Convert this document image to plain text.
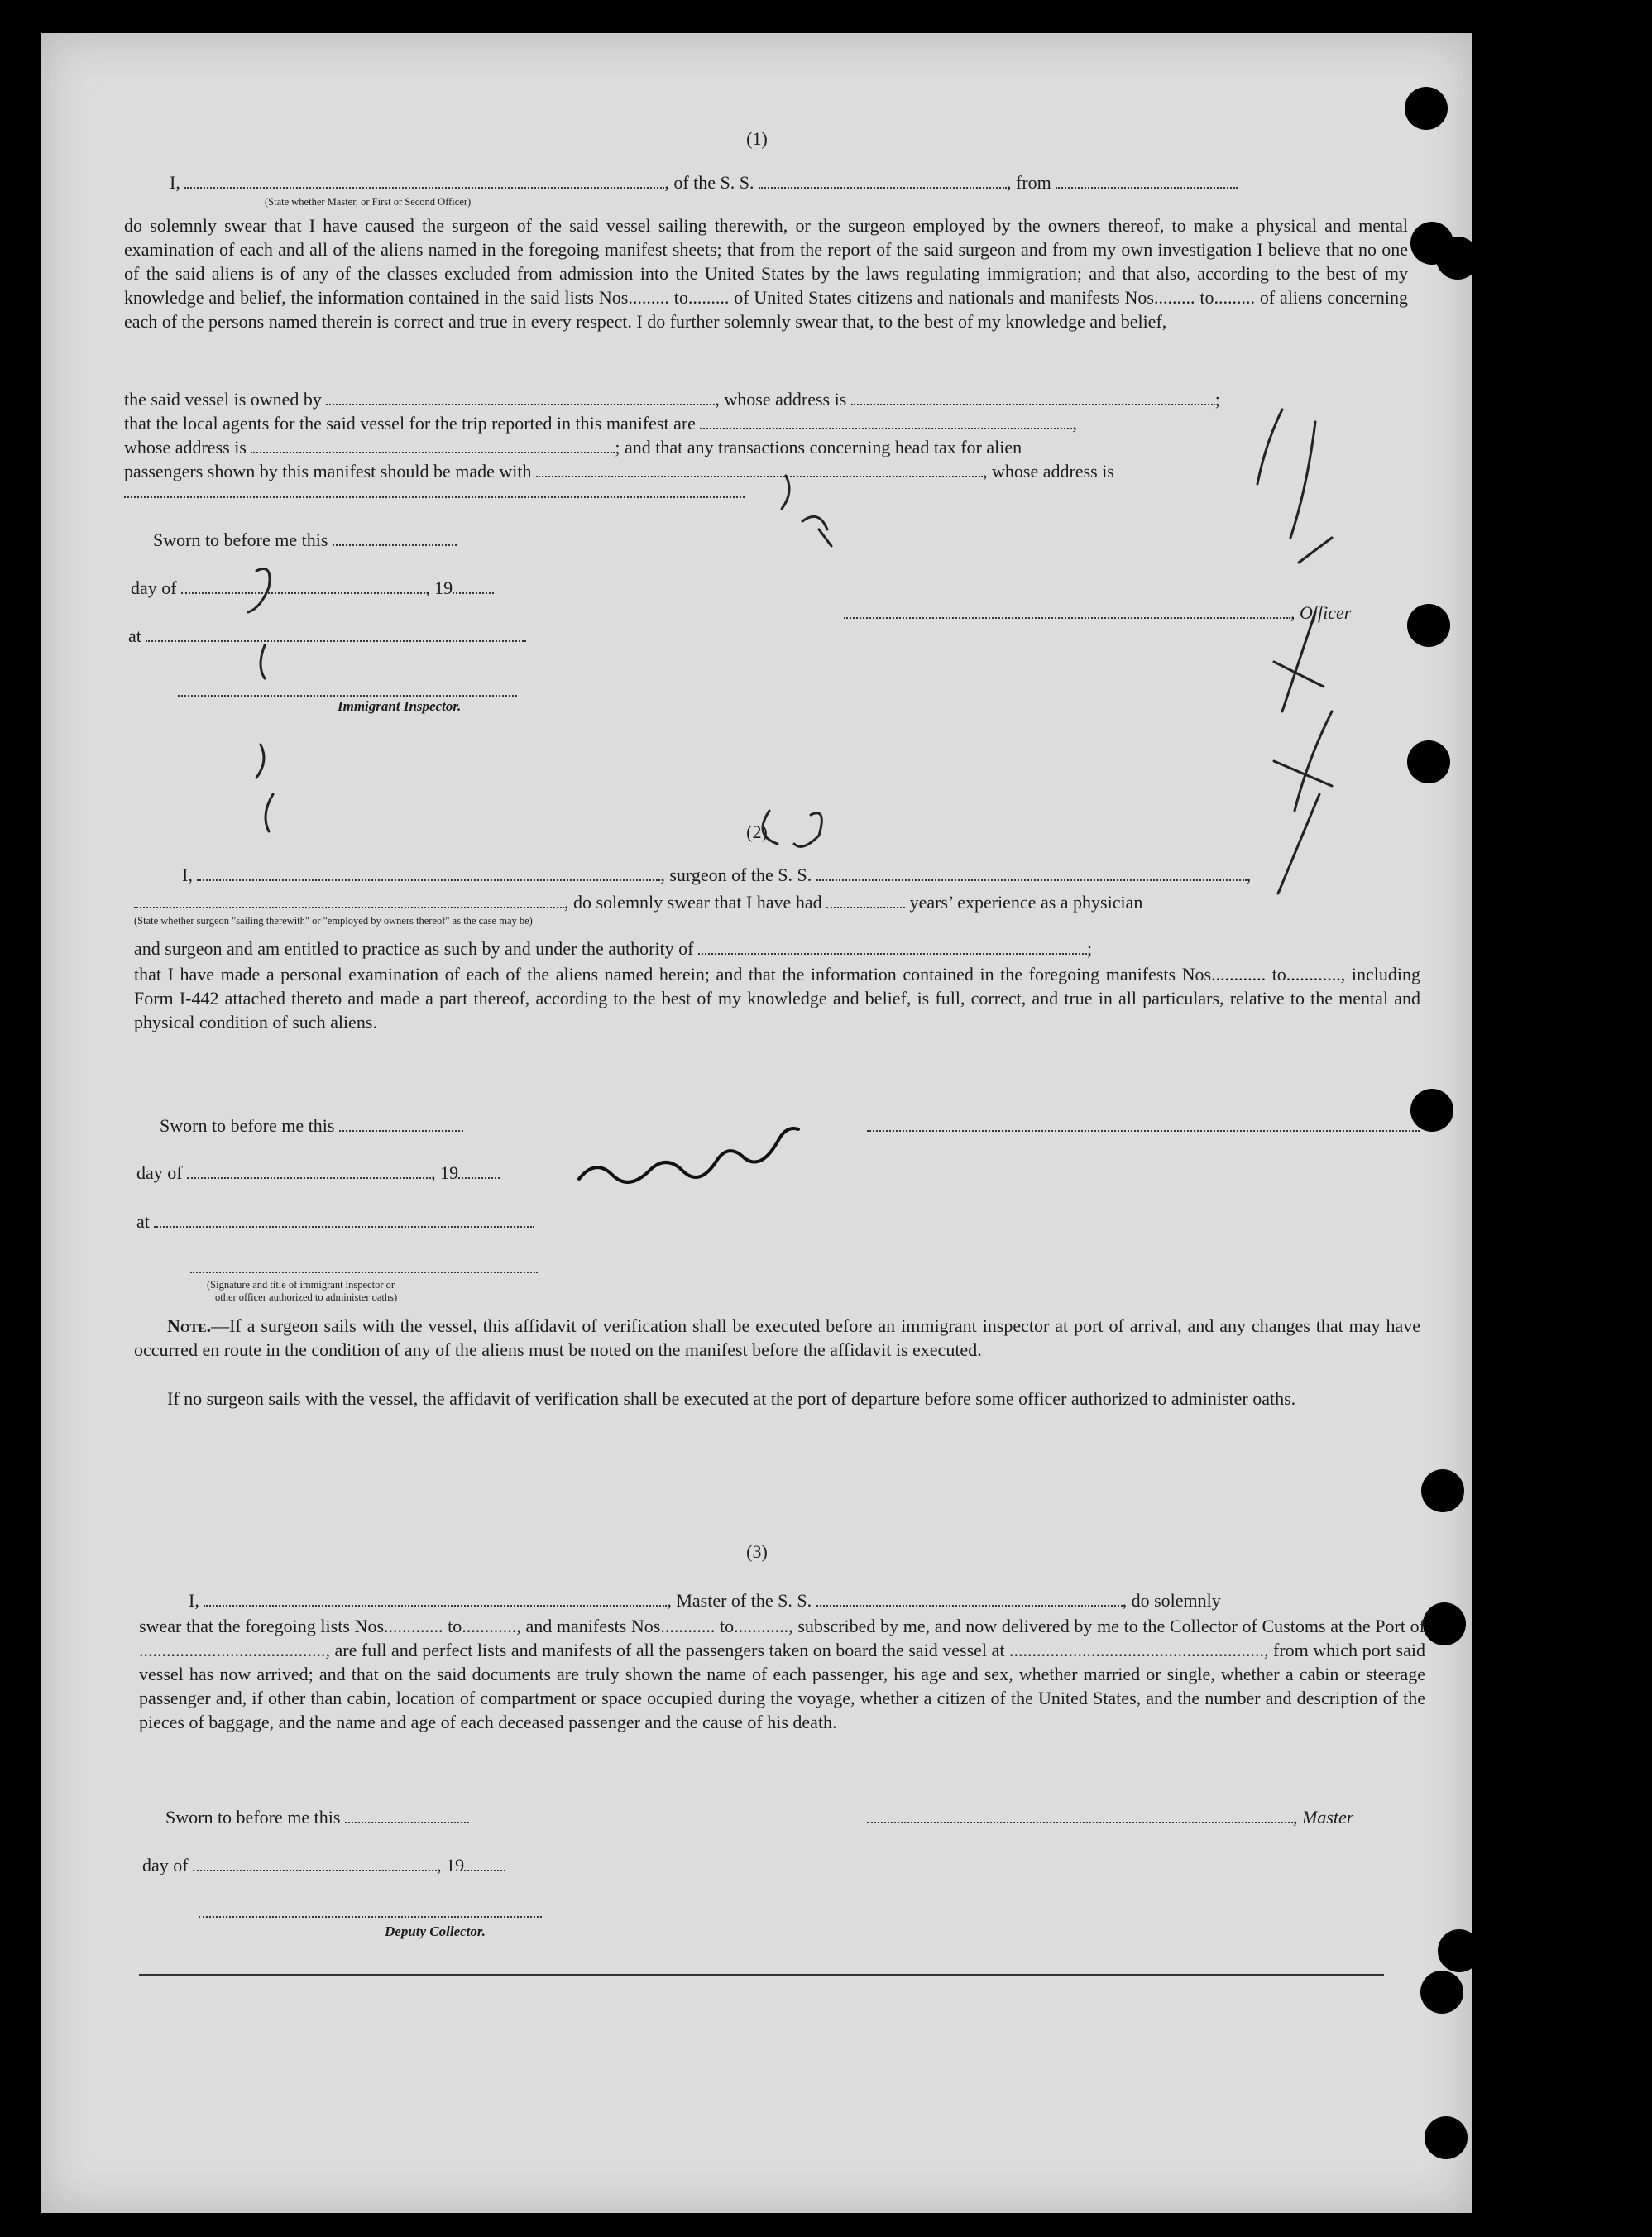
(1)
I,	, of the S. S.	, from
(State whether Master, or First or Second Officer)
do solemnly swear that I have caused the surgeon of the said vessel sailing therewith, or the surgeon employed by the owners thereof, to make a physical and mental examination of each and all of the aliens named in the foregoing manifest sheets; that from the report of the said surgeon and from my own investigation I believe that no one of the said aliens is of any of the classes excluded from admission into the United States by the laws regulating immigration; and that also, according to the best of my knowledge and belief, the information contained in the said lists Nos......... to......... of United States citizens and nationals and manifests Nos......... to......... of aliens concerning each of the persons named therein is correct and true in every respect. I do further solemnly swear that, to the best of my knowledge and belief,
the said vessel is owned by	, whose address is	;
that the local agents for the said vessel for the trip reported in this manifest are	,
whose address is	; and that any transactions concerning head tax for alien
passengers shown by this manifest should be made with	, whose address is
Sworn to before me this
day of	, 19
at
, Officer
Immigrant Inspector.
(2)
I,	, surgeon of the S. S.	,
, do solemnly swear that I have had	years’ experience as a physician
(State whether surgeon "sailing therewith" or "employed by owners thereof" as the case may be)
and surgeon and am entitled to practice as such by and under the authority of	;
that I have made a personal examination of each of the aliens named herein; and that the information contained in the foregoing manifests Nos............ to............, including Form I-442 attached thereto and made a part thereof, according to the best of my knowledge and belief, is full, correct, and true in all particulars, relative to the mental and physical condition of such aliens.
Sworn to before me this
day of	, 19
at
(Signature and title of immigrant inspector or
other officer authorized to administer oaths)
Note.—If a surgeon sails with the vessel, this affidavit of verification shall be executed before an immigrant inspector at port of arrival, and any changes that may have occurred en route in the condition of any of the aliens must be noted on the manifest before the affidavit is executed.
If no surgeon sails with the vessel, the affidavit of verification shall be executed at the port of departure before some officer authorized to administer oaths.
(3)
I,	, Master of the S. S.	, do solemnly
swear that the foregoing lists Nos............. to............, and manifests Nos............ to............, subscribed by me, and now delivered by me to the Collector of Customs at the Port of ........................................., are full and perfect lists and manifests of all the passengers taken on board the said vessel at ........................................................, from which port said vessel has now arrived; and that on the said documents are truly shown the name of each passenger, his age and sex, whether married or single, whether a cabin or steerage passenger and, if other than cabin, location of compartment or space occupied during the voyage, whether a citizen of the United States, and the number and description of the pieces of baggage, and the name and age of each deceased passenger and the cause of his death.
Sworn to before me this	, Master
day of	, 19
Deputy Collector.
